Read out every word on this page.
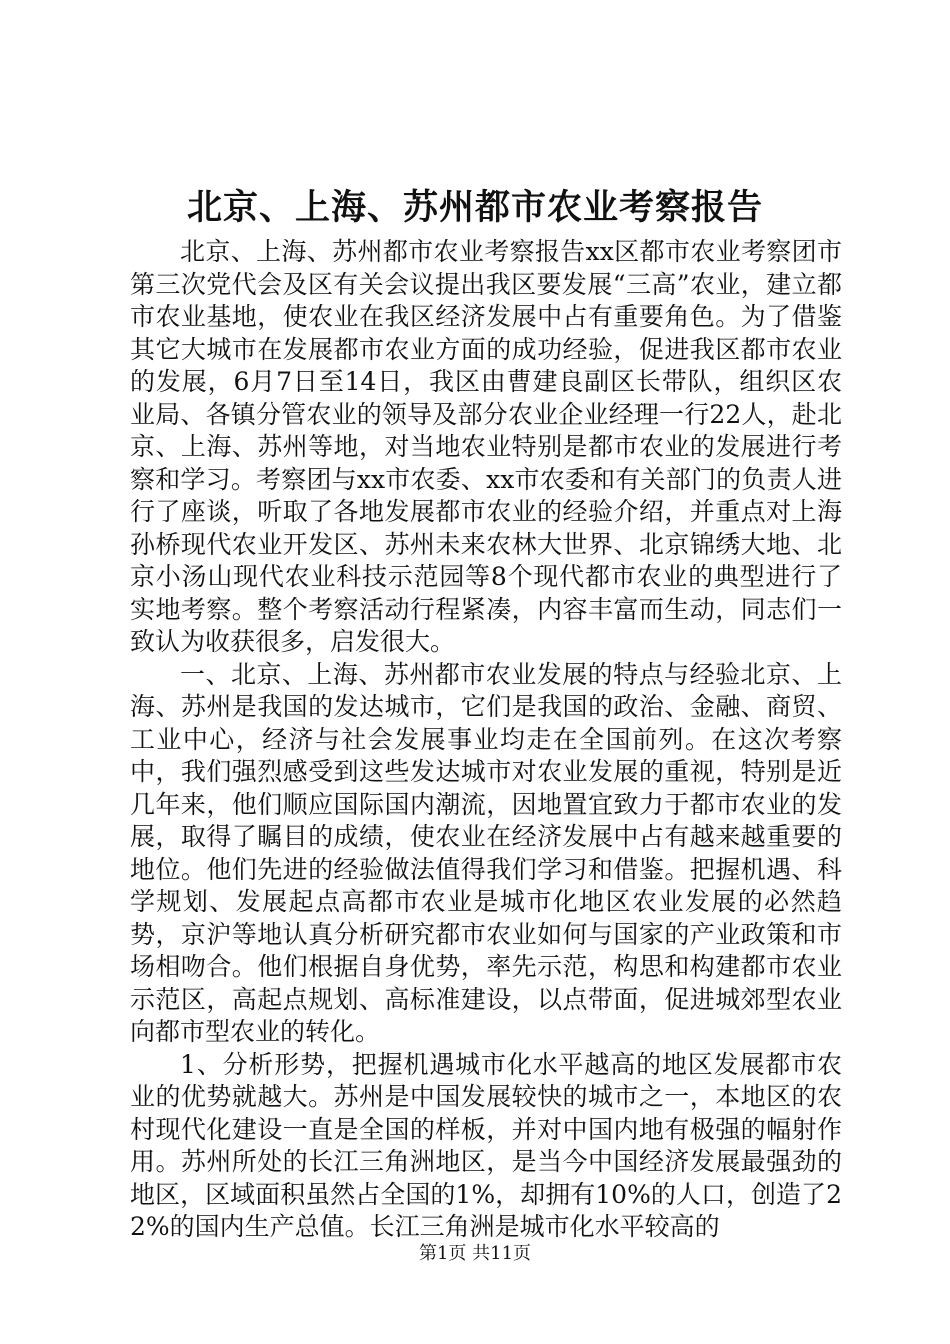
北京、上海、苏州都市农业考察报告

北京、上海、苏州都市农业考察报告xx区都市农业考察团市第三次党代会及区有关会议提出我区要发展“三高”农业，建立都市农业基地，使农业在我区经济发展中占有重要角色。为了借鉴其它大城市在发展都市农业方面的成功经验，促进我区都市农业的发展，6月7日至14日，我区由曹建良副区长带队，组织区农业局、各镇分管农业的领导及部分农业企业经理一行22人，赴北京、上海、苏州等地，对当地农业特别是都市农业的发展进行考察和学习。考察团与xx市农委、xx市农委和有关部门的负责人进行了座谈，听取了各地发展都市农业的经验介绍，并重点对上海孙桥现代农业开发区、苏州未来农林大世界、北京锦绣大地、北京小汤山现代农业科技示范园等8个现代都市农业的典型进行了实地考察。整个考察活动行程紧凑，内容丰富而生动，同志们一致认为收获很多，启发很大。

一、北京、上海、苏州都市农业发展的特点与经验北京、上海、苏州是我国的发达城市，它们是我国的政治、金融、商贸、工业中心，经济与社会发展事业均走在全国前列。在这次考察中，我们强烈感受到这些发达城市对农业发展的重视，特别是近几年来，他们顺应国际国内潮流，因地置宜致力于都市农业的发展，取得了瞩目的成绩，使农业在经济发展中占有越来越重要的地位。他们先进的经验做法值得我们学习和借鉴。把握机遇、科学规划、发展起点高都市农业是城市化地区农业发展的必然趋势，京沪等地认真分析研究都市农业如何与国家的产业政策和市场相吻合。他们根据自身优势，率先示范，构思和构建都市农业示范区，高起点规划、高标准建设，以点带面，促进城郊型农业向都市型农业的转化。

1、分析形势，把握机遇城市化水平越高的地区发展都市农业的优势就越大。苏州是中国发展较快的城市之一，本地区的农村现代化建设一直是全国的样板，并对中国内地有极强的幅射作用。苏州所处的长江三角洲地区，是当今中国经济发展最强劲的地区，区域面积虽然占全国的1%，却拥有10%的人口，创造了22%的国内生产总值。长江三角洲是城市化水平较高的

第1页 共11页
